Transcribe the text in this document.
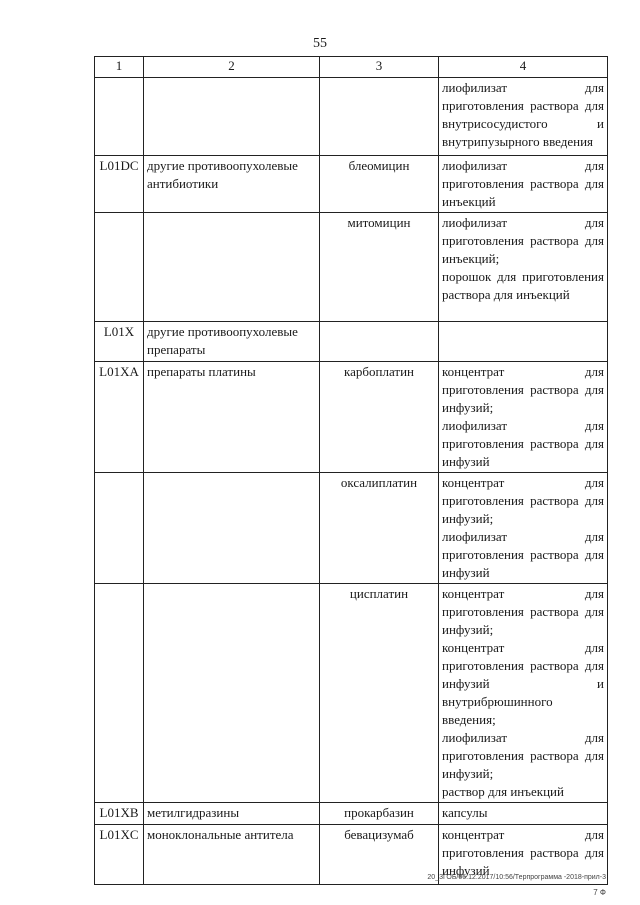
55
1	2	3	4

			лиофилизат для приготовления раствора для внутрисосудистого и внутрипузырного введения

L01DC	другие противоопухолевые антибиотики	блеомицин	лиофилизат для приготовления раствора для инъекций

		митомицин	лиофилизат для приготовления раствора для инъекций;
порошок для приготовления раствора для инъекций

L01X	другие противоопухолевые препараты		
L01XA	препараты платины	карбоплатин	концентрат для приготовления раствора для инфузий;
лиофилизат для приготовления раствора для инфузий

		оксалиплатин	концентрат для приготовления раствора для инфузий;
лиофилизат для приготовления раствора для инфузий

		цисплатин	концентрат для приготовления раствора для инфузий;
концентрат для приготовления раствора для инфузий и внутрибрюшинного введения;
лиофилизат для приготовления раствора для инфузий;
раствор для инъекций

L01XB	метилгидразины	прокарбазин	капсулы

L01XC	моноклональные антитела	бевацизумаб	концентрат для приготовления раствора для инфузий
20_3ГОБ/06.12.2017/10:56/Терпрограмма -2018-прил-3
7 Ф
